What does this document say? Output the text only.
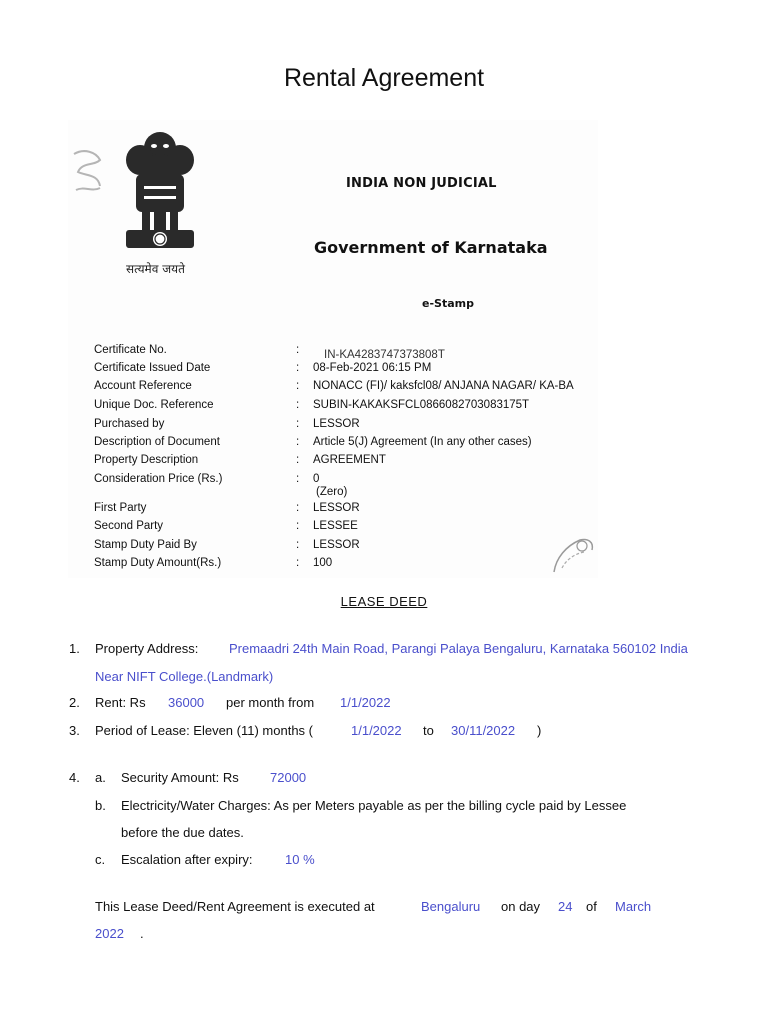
Rental Agreement
सत्यमेव जयते
INDIA NON JUDICIAL
Government of Karnataka
e-Stamp
Certificate No.	: IN-KA4283747373808T
Certificate Issued Date	: 08-Feb-2021 06:15 PM
Account Reference	: NONACC (FI)/ kaksfcl08/ ANJANA NAGAR/ KA-BA
Unique Doc. Reference	: SUBIN-KAKAKSFCL0866082703083175T
Purchased by	: LESSOR
Description of Document	: Article 5(J) Agreement (In any other cases)
Property Description	: AGREEMENT
Consideration Price (Rs.)	: 0
(Zero)
First Party	: LESSOR
Second Party	: LESSEE
Stamp Duty Paid By	: LESSOR
Stamp Duty Amount(Rs.)	: 100
LEASE DEED
1. Property Address: Premaadri 24th Main Road, Parangi Palaya Bengaluru, Karnataka 560102 India
Near NIFT College.(Landmark)
2. Rent: Rs 36000 per month from 1/1/2022
3. Period of Lease: Eleven (11) months (	1/1/2022 to 30/11/2022 )
4. a. Security Amount: Rs 72000
b. Electricity/Water Charges: As per Meters payable as per the billing cycle paid by Lessee
before the due dates.
c. Escalation after expiry: 10 %
This Lease Deed/Rent Agreement is executed at	Bengaluru on day 24 of March
2022 .
